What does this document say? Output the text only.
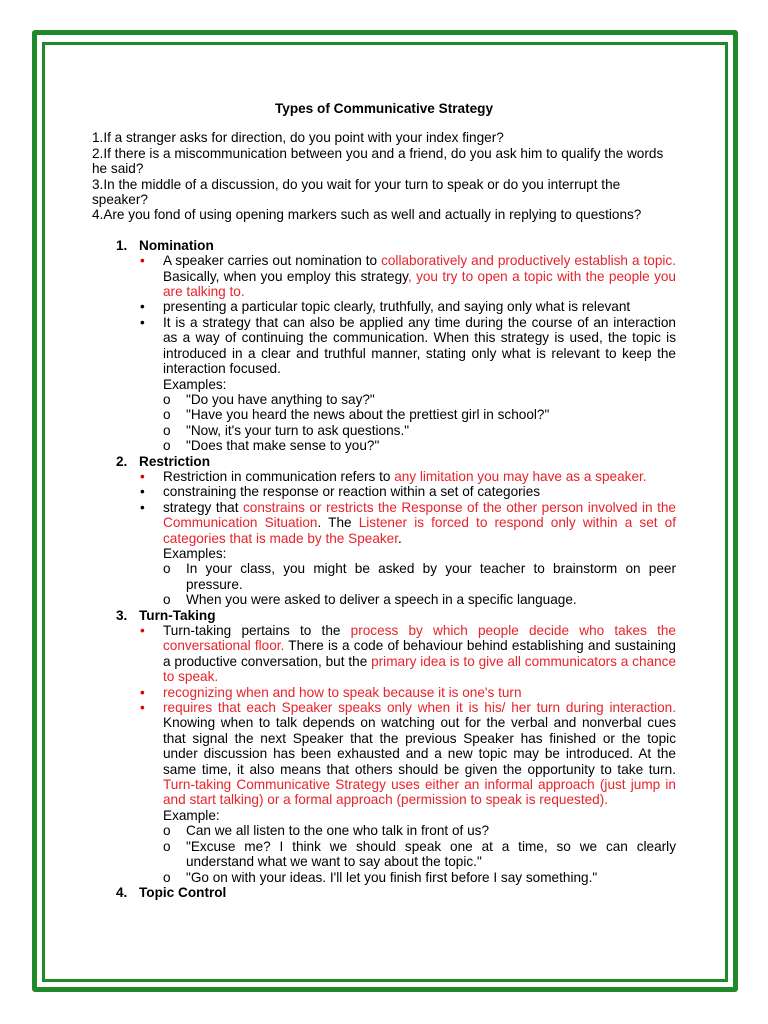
Types of Communicative Strategy

1.If a stranger asks for direction, do you point with your index finger?

2.If there is a miscommunication between you and a friend, do you ask him to qualify the words he said?

3.In the middle of a discussion, do you wait for your turn to speak or do you interrupt the speaker?

4.Are you fond of using opening markers such as well and actually in replying to questions?

1. Nomination
• A speaker carries out nomination to collaboratively and productively establish a topic. Basically, when you employ this strategy, you try to open a topic with the people you are talking to.
• presenting a particular topic clearly, truthfully, and saying only what is relevant
• It is a strategy that can also be applied any time during the course of an interaction as a way of continuing the communication. When this strategy is used, the topic is introduced in a clear and truthful manner, stating only what is relevant to keep the interaction focused.
Examples:
o "Do you have anything to say?"
o "Have you heard the news about the prettiest girl in school?"
o "Now, it's your turn to ask questions."
o "Does that make sense to you?"
2. Restriction
• Restriction in communication refers to any limitation you may have as a speaker.
• constraining the response or reaction within a set of categories
• strategy that constrains or restricts the Response of the other person involved in the Communication Situation. The Listener is forced to respond only within a set of categories that is made by the Speaker.
Examples:
o In your class, you might be asked by your teacher to brainstorm on peer pressure.
o When you were asked to deliver a speech in a specific language.
3. Turn-Taking
• Turn-taking pertains to the process by which people decide who takes the conversational floor. There is a code of behaviour behind establishing and sustaining a productive conversation, but the primary idea is to give all communicators a chance to speak.
• recognizing when and how to speak because it is one's turn
• requires that each Speaker speaks only when it is his/ her turn during interaction. Knowing when to talk depends on watching out for the verbal and nonverbal cues that signal the next Speaker that the previous Speaker has finished or the topic under discussion has been exhausted and a new topic may be introduced. At the same time, it also means that others should be given the opportunity to take turn. Turn-taking Communicative Strategy uses either an informal approach (just jump in and start talking) or a formal approach (permission to speak is requested).
Example:
o Can we all listen to the one who talk in front of us?
o "Excuse me? I think we should speak one at a time, so we can clearly understand what we want to say about the topic."
o "Go on with your ideas. I'll let you finish first before I say something."
4. Topic Control
